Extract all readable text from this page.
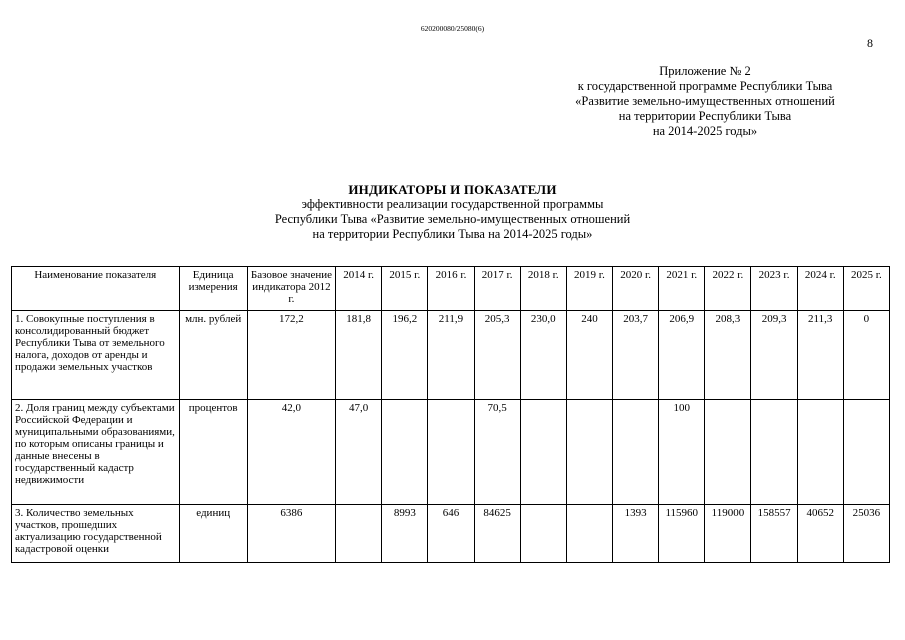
620200080/25080(6)
8
Приложение № 2
к государственной программе Республики Тыва
«Развитие земельно-имущественных отношений
на территории Республики Тыва
на 2014-2025 годы»
ИНДИКАТОРЫ И ПОКАЗАТЕЛИ
эффективности реализации государственной программы
Республики Тыва «Развитие земельно-имущественных отношений
на территории Республики Тыва на 2014-2025 годы»
Наименование показателя	Единица измерения	Базовое значение индикатора 2012 г.	2014 г.	2015 г.	2016 г.	2017 г.	2018 г.	2019 г.	2020 г.	2021 г.	2022 г.	2023 г.	2024 г.	2025 г.
1. Совокупные поступления в консолидированный бюджет Республики Тыва от земельного налога, доходов от аренды и продажи земельных участков	млн. рублей	172,2	181,8	196,2	211,9	205,3	230,0	240	203,7	206,9	208,3	209,3	211,3	0
2. Доля границ между субъектами Российской Федерации и муниципальными образованиями, по которым описаны границы и данные внесены в государственный кадастр недвижимости	процентов	42,0	47,0			70,5				100				
3. Количество земельных участков, прошедших актуализацию государственной кадастровой оценки	единиц	6386		8993	646	84625			1393	115960	119000	158557	40652	25036
